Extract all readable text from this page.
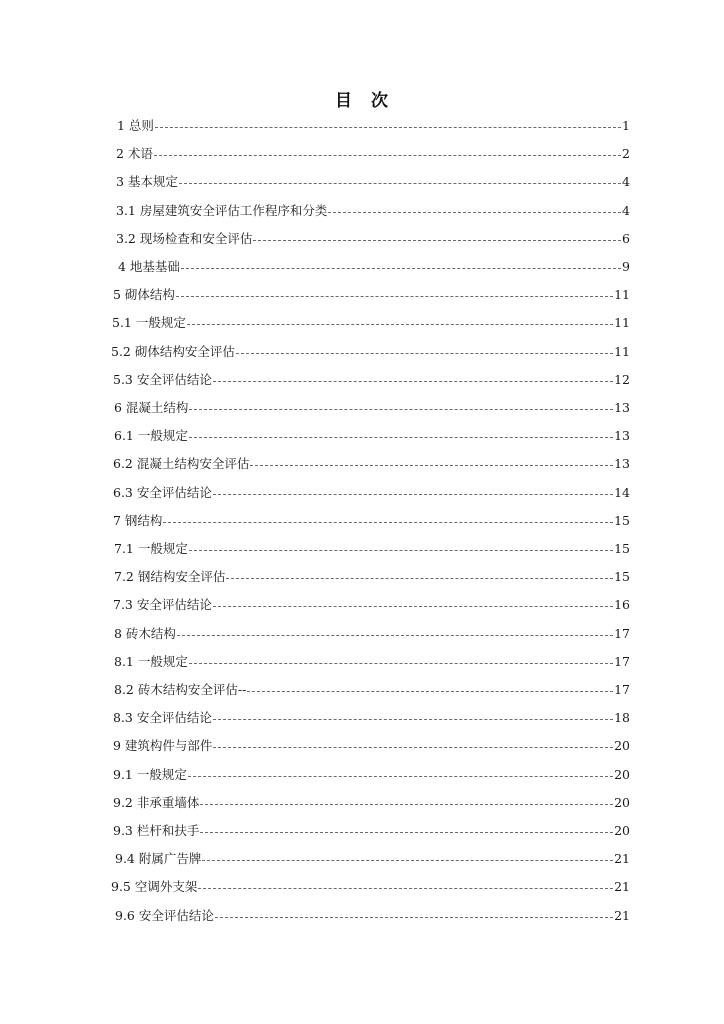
目　次
1 总则	1
2 术语	2
3 基本规定	4
3.1 房屋建筑安全评估工作程序和分类	4
3.2 现场检查和安全评估	6
4 地基基础	9
5 砌体结构	11
5.1 一般规定	11
5.2 砌体结构安全评估	11
5.3 安全评估结论	12
6 混凝土结构	13
6.1 一般规定	13
6.2 混凝土结构安全评估	13
6.3 安全评估结论	14
7 钢结构	15
7.1 一般规定	15
7.2 钢结构安全评估	15
7.3 安全评估结论	16
8 砖木结构	17
8.1 一般规定	17
8.2 砖木结构安全评估--	17
8.3 安全评估结论	18
9 建筑构件与部件	20
9.1 一般规定	20
9.2 非承重墙体	20
9.3 栏杆和扶手	20
9.4 附属广告牌	21
9.5 空调外支架	21
9.6 安全评估结论	21
